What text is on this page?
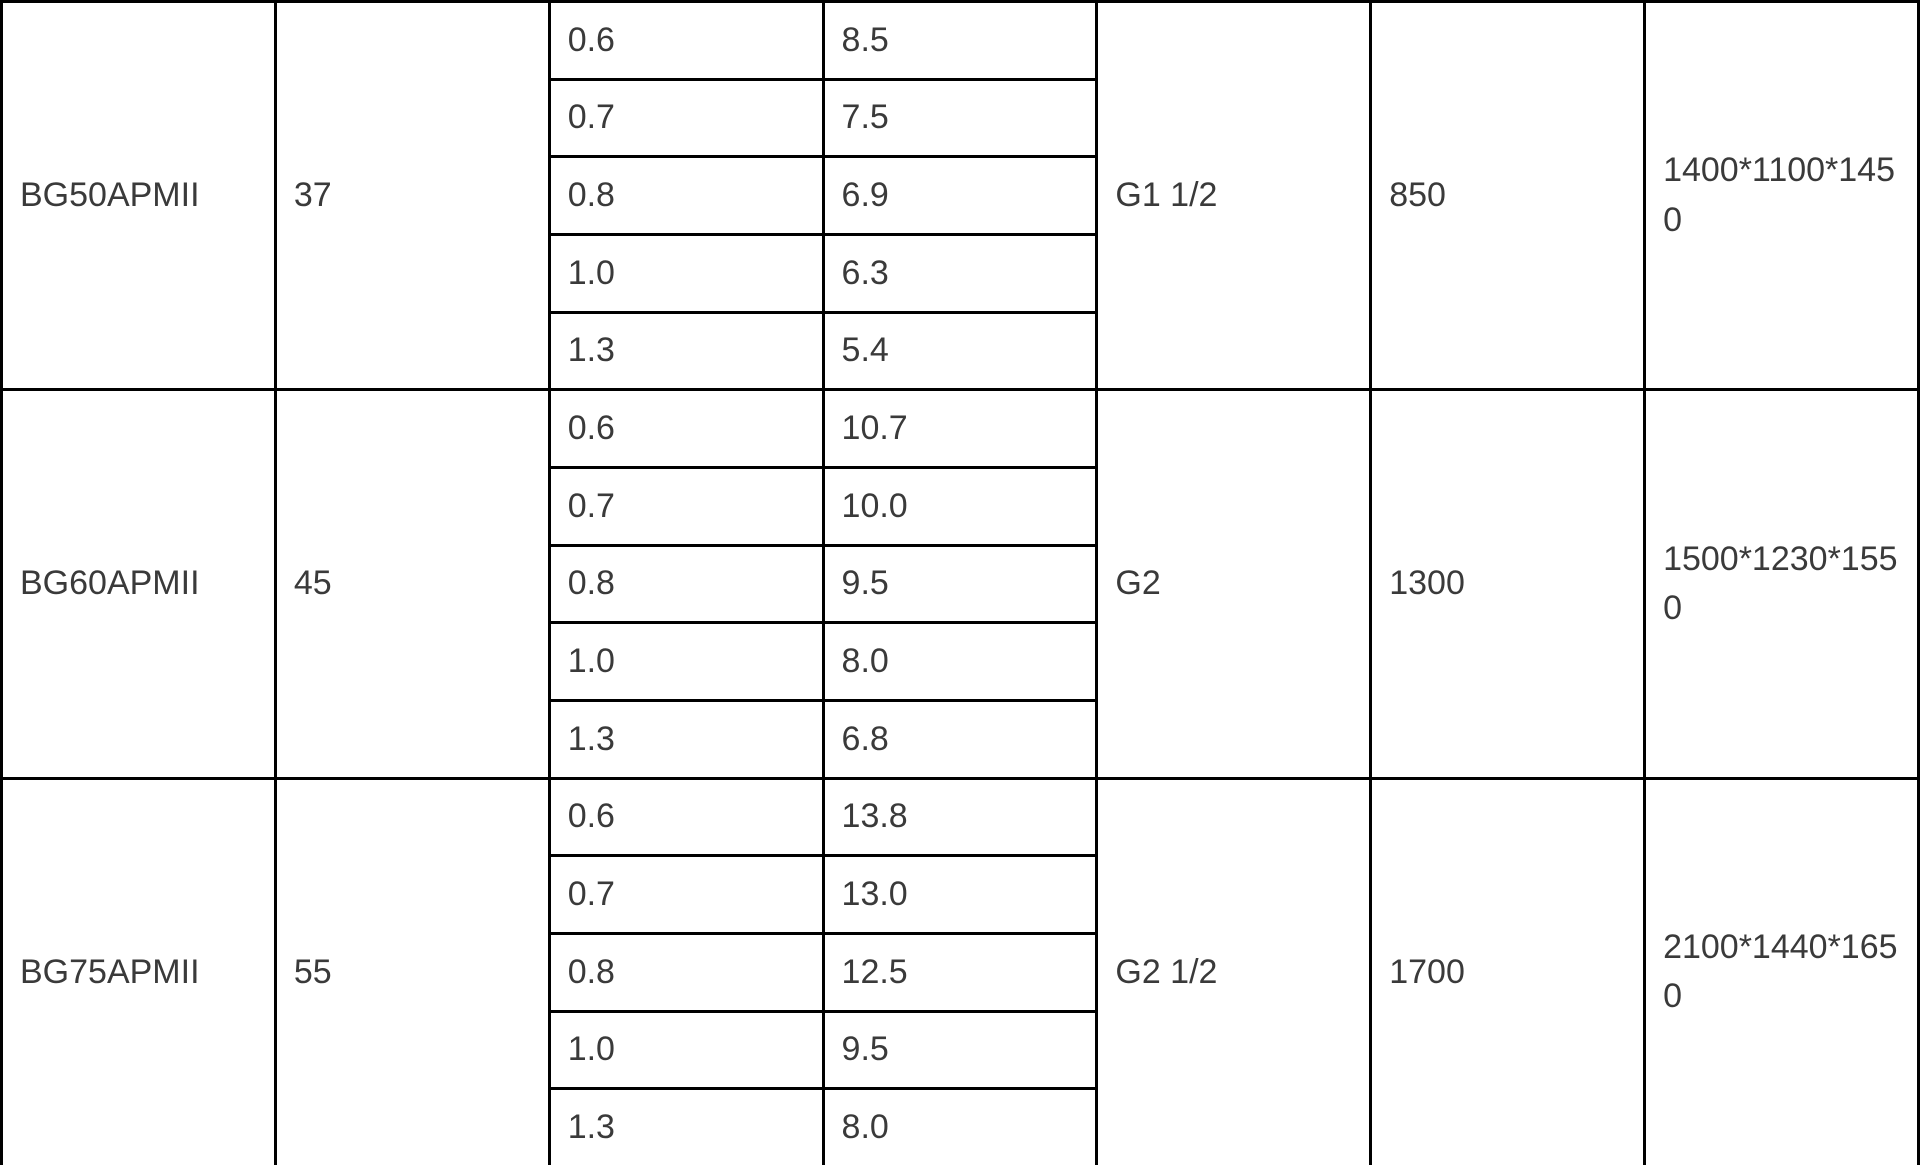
BG50APMII	37	0.6	8.5	G1 1/2	850	1400*1100*1450
		0.7	7.5			
		0.8	6.9			
		1.0	6.3			
		1.3	5.4			
BG60APMII	45	0.6	10.7	G2	1300	1500*1230*1550
		0.7	10.0			
		0.8	9.5			
		1.0	8.0			
		1.3	6.8			
BG75APMII	55	0.6	13.8	G2 1/2	1700	2100*1440*1650
		0.7	13.0			
		0.8	12.5			
		1.0	9.5			
		1.3	8.0			
